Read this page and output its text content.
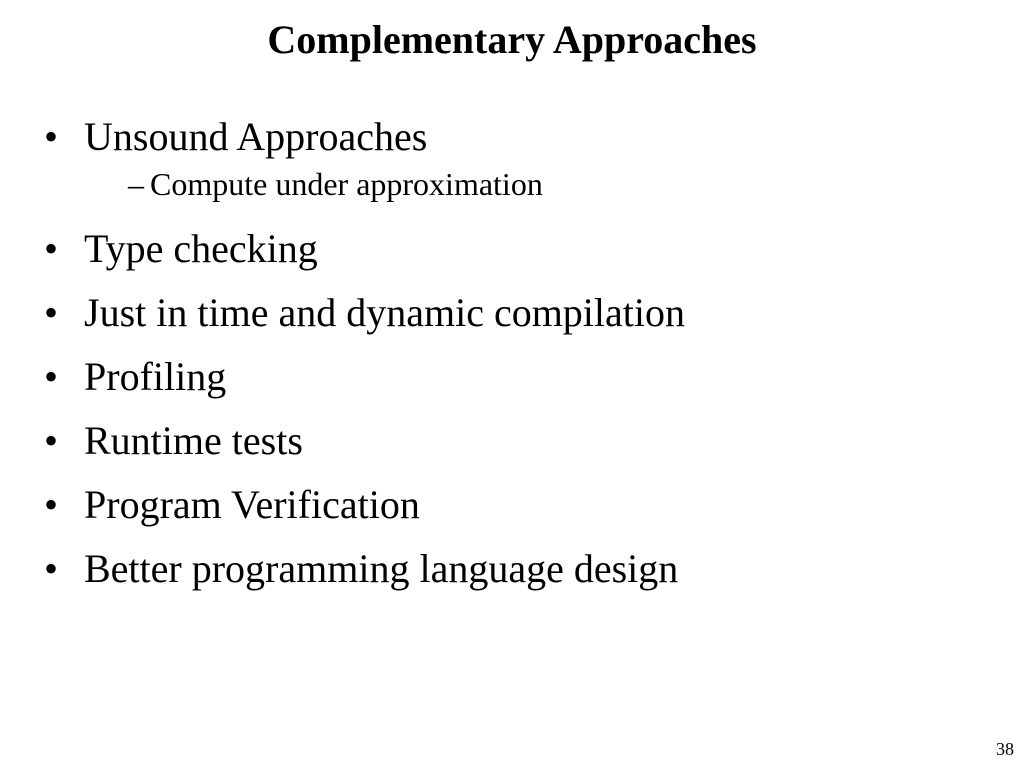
Complementary Approaches
• Unsound Approaches
– Compute under approximation
• Type checking
• Just in time and dynamic compilation
• Profiling
• Runtime tests
• Program Verification
• Better programming language design
38
